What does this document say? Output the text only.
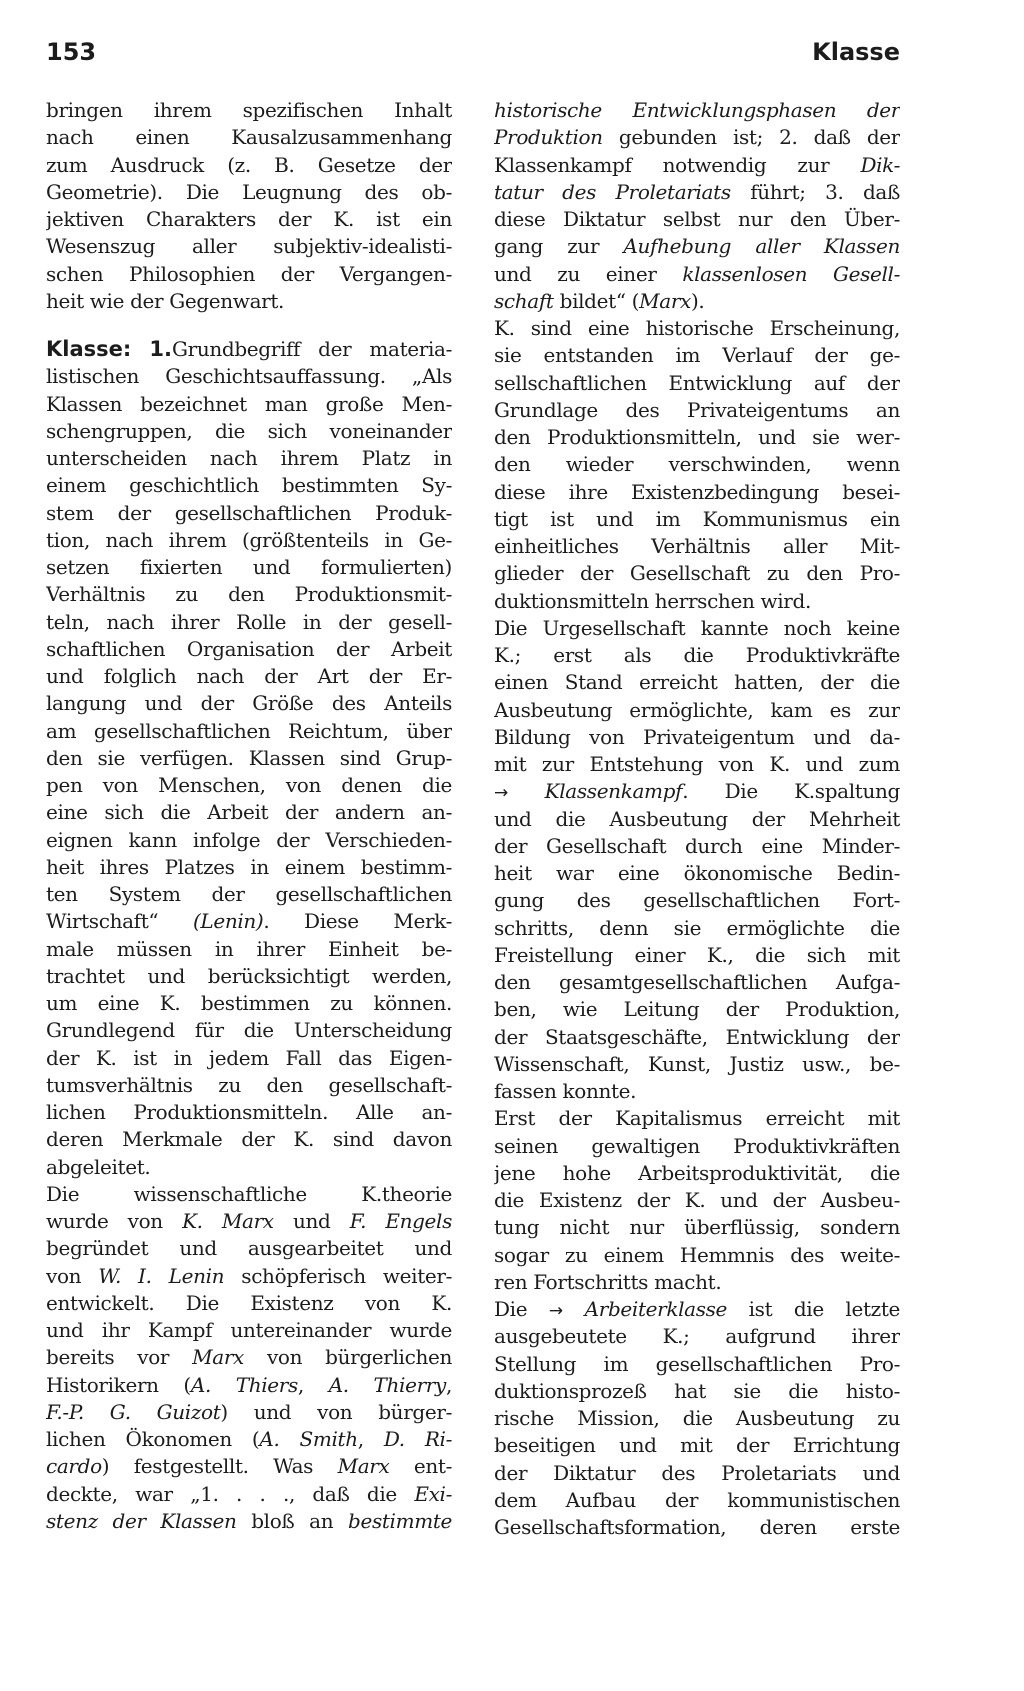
153	Klasse
bringen ihrem spezifischen Inhalt
nach einen Kausalzusammenhang
zum Ausdruck (z. B. Gesetze der
Geometrie). Die Leugnung des ob-
jektiven Charakters der K. ist ein
Wesenszug aller subjektiv-idealisti-
schen Philosophien der Vergangen-
heit wie der Gegenwart.
Klasse: 1.Grundbegriff der materia-
listischen Geschichtsauffassung. „Als
Klassen bezeichnet man große Men-
schengruppen, die sich voneinander
unterscheiden nach ihrem Platz in
einem geschichtlich bestimmten Sy-
stem der gesellschaftlichen Produk-
tion, nach ihrem (größtenteils in Ge-
setzen fixierten und formulierten)
Verhältnis zu den Produktionsmit-
teln, nach ihrer Rolle in der gesell-
schaftlichen Organisation der Arbeit
und folglich nach der Art der Er-
langung und der Größe des Anteils
am gesellschaftlichen Reichtum, über
den sie verfügen. Klassen sind Grup-
pen von Menschen, von denen die
eine sich die Arbeit der andern an-
eignen kann infolge der Verschieden-
heit ihres Platzes in einem bestimm-
ten System der gesellschaftlichen
Wirtschaft“ (Lenin). Diese Merk-
male müssen in ihrer Einheit be-
trachtet und berücksichtigt werden,
um eine K. bestimmen zu können.
Grundlegend für die Unterscheidung
der K. ist in jedem Fall das Eigen-
tumsverhältnis zu den gesellschaft-
lichen Produktionsmitteln. Alle an-
deren Merkmale der K. sind davon
abgeleitet.
Die wissenschaftliche K.theorie
wurde von K. Marx und F. Engels
begründet und ausgearbeitet und
von W. I. Lenin schöpferisch weiter-
entwickelt. Die Existenz von K.
und ihr Kampf untereinander wurde
bereits vor Marx von bürgerlichen
Historikern (A. Thiers, A. Thierry,
F.-P. G. Guizot) und von bürger-
lichen Ökonomen (A. Smith, D. Ri-
cardo) festgestellt. Was Marx ent-
deckte, war „1. . . ., daß die Exi-
stenz der Klassen bloß an bestimmte
historische Entwicklungsphasen der
Produktion gebunden ist; 2. daß der
Klassenkampf notwendig zur Dik-
tatur des Proletariats führt; 3. daß
diese Diktatur selbst nur den Über-
gang zur Aufhebung aller Klassen
und zu einer klassenlosen Gesell-
schaft bildet“ (Marx).
K. sind eine historische Erscheinung,
sie entstanden im Verlauf der ge-
sellschaftlichen Entwicklung auf der
Grundlage des Privateigentums an
den Produktionsmitteln, und sie wer-
den wieder verschwinden, wenn
diese ihre Existenzbedingung besei-
tigt ist und im Kommunismus ein
einheitliches Verhältnis aller Mit-
glieder der Gesellschaft zu den Pro-
duktionsmitteln herrschen wird.
Die Urgesellschaft kannte noch keine
K.; erst als die Produktivkräfte
einen Stand erreicht hatten, der die
Ausbeutung ermöglichte, kam es zur
Bildung von Privateigentum und da-
mit zur Entstehung von K. und zum
→ Klassenkampf. Die K.spaltung
und die Ausbeutung der Mehrheit
der Gesellschaft durch eine Minder-
heit war eine ökonomische Bedin-
gung des gesellschaftlichen Fort-
schritts, denn sie ermöglichte die
Freistellung einer K., die sich mit
den gesamtgesellschaftlichen Aufga-
ben, wie Leitung der Produktion,
der Staatsgeschäfte, Entwicklung der
Wissenschaft, Kunst, Justiz usw., be-
fassen konnte.
Erst der Kapitalismus erreicht mit
seinen gewaltigen Produktivkräften
jene hohe Arbeitsproduktivität, die
die Existenz der K. und der Ausbeu-
tung nicht nur überflüssig, sondern
sogar zu einem Hemmnis des weite-
ren Fortschritts macht.
Die → Arbeiterklasse ist die letzte
ausgebeutete K.; aufgrund ihrer
Stellung im gesellschaftlichen Pro-
duktionsprozeß hat sie die histo-
rische Mission, die Ausbeutung zu
beseitigen und mit der Errichtung
der Diktatur des Proletariats und
dem Aufbau der kommunistischen
Gesellschaftsformation, deren erste
